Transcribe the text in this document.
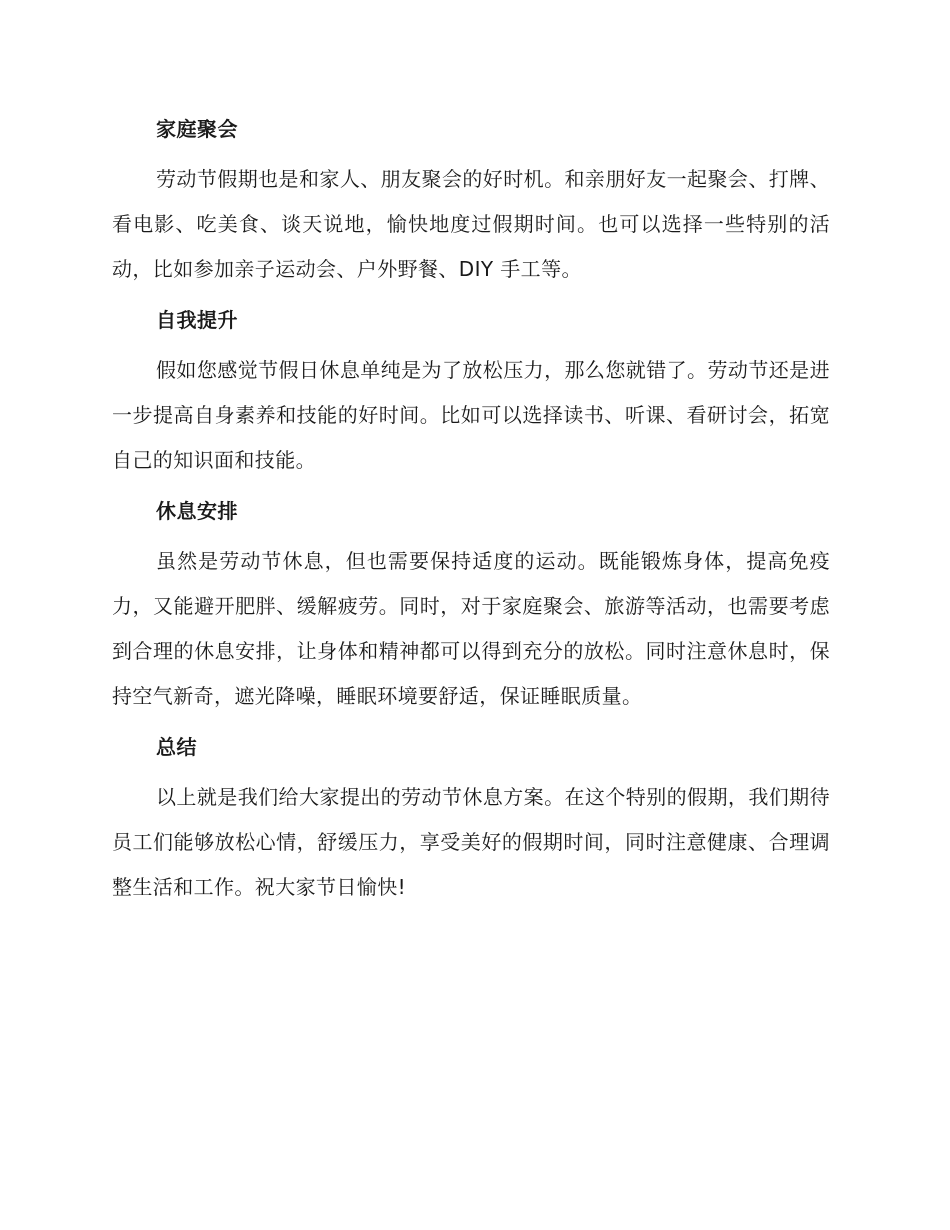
家庭聚会

劳动节假期也是和家人、朋友聚会的好时机。和亲朋好友一起聚会、打牌、看电影、吃美食、谈天说地，愉快地度过假期时间。也可以选择一些特别的活动，比如参加亲子运动会、户外野餐、DIY 手工等。

自我提升

假如您感觉节假日休息单纯是为了放松压力，那么您就错了。劳动节还是进一步提高自身素养和技能的好时间。比如可以选择读书、听课、看研讨会，拓宽自己的知识面和技能。

休息安排

虽然是劳动节休息，但也需要保持适度的运动。既能锻炼身体，提高免疫力，又能避开肥胖、缓解疲劳。同时，对于家庭聚会、旅游等活动，也需要考虑到合理的休息安排，让身体和精神都可以得到充分的放松。同时注意休息时，保持空气新奇，遮光降噪，睡眠环境要舒适，保证睡眠质量。

总结

以上就是我们给大家提出的劳动节休息方案。在这个特别的假期，我们期待员工们能够放松心情，舒缓压力，享受美好的假期时间，同时注意健康、合理调整生活和工作。祝大家节日愉快!
